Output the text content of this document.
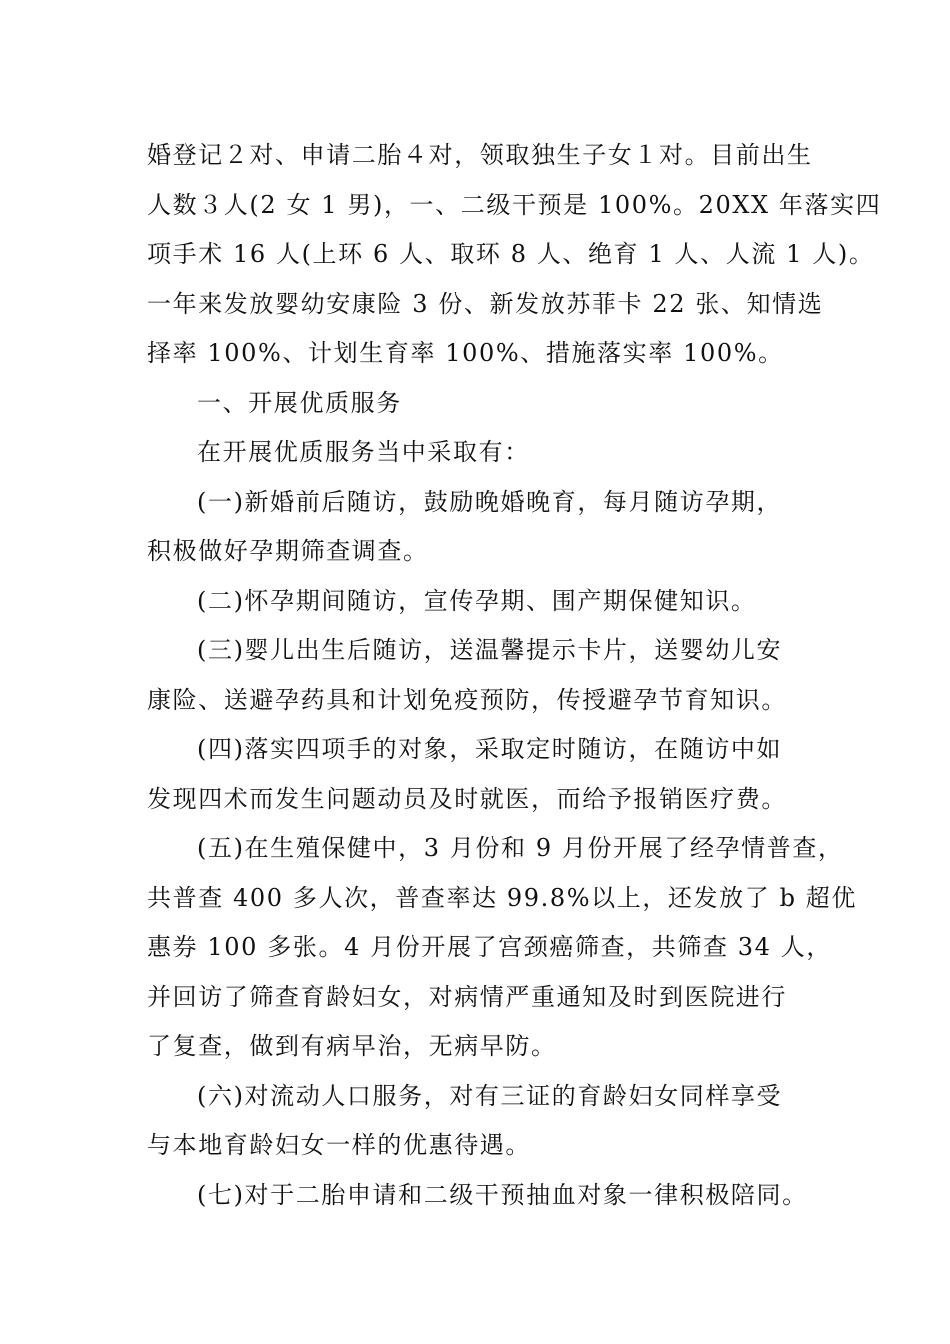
婚登记２对、申请二胎４对，领取独生子女１对。目前出生
人数３人(2 女 1 男)，一、二级干预是 100%。20XX 年落实四
项手术 16 人(上环 6 人、取环 8 人、绝育 1 人、人流 1 人)。
一年来发放婴幼安康险 3 份、新发放苏菲卡 22 张、知情选
择率 100%、计划生育率 100%、措施落实率 100%。
一、开展优质服务
在开展优质服务当中采取有：
(一)新婚前后随访，鼓励晚婚晚育，每月随访孕期，
积极做好孕期筛查调查。
(二)怀孕期间随访，宣传孕期、围产期保健知识。
(三)婴儿出生后随访，送温馨提示卡片，送婴幼儿安
康险、送避孕药具和计划免疫预防，传授避孕节育知识。
(四)落实四项手的对象，采取定时随访，在随访中如
发现四术而发生问题动员及时就医，而给予报销医疗费。
(五)在生殖保健中，3 月份和 9 月份开展了经孕情普查，
共普查 400 多人次，普查率达 99.8%以上，还发放了 b 超优
惠券 100 多张。4 月份开展了宫颈癌筛查，共筛查 34 人，
并回访了筛查育龄妇女，对病情严重通知及时到医院进行
了复查，做到有病早治，无病早防。
(六)对流动人口服务，对有三证的育龄妇女同样享受
与本地育龄妇女一样的优惠待遇。
(七)对于二胎申请和二级干预抽血对象一律积极陪同。
